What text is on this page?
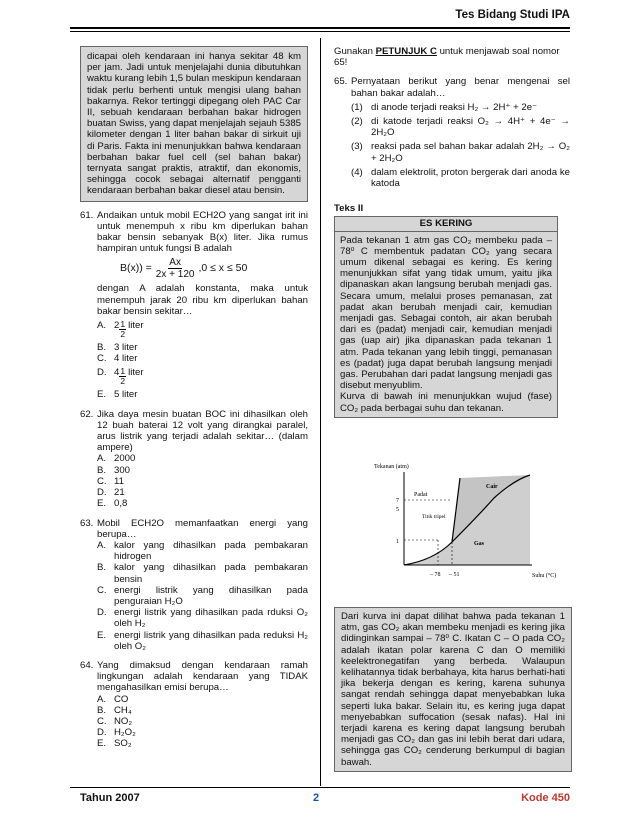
Tes Bidang Studi IPA
dicapai oleh kendaraan ini hanya sekitar 48 km per jam. Jadi untuk menjelajahi dunia dibutuhkan waktu kurang lebih 1,5 bulan meskipun kendaraan tidak perlu berhenti untuk mengisi ulang bahan bakarnya. Rekor tertinggi dipegang oleh PAC Car II, sebuah kendaraan berbahan bakar hidrogen buatan Swiss, yang dapat menjelajah sejauh 5385 kilometer dengan 1 liter bahan bakar di sirkuit uji di Paris. Fakta ini menunjukkan bahwa kendaraan berbahan bakar fuel cell (sel bahan bakar) ternyata sangat praktis, atraktif, dan ekonomis, sehingga cocok sebagai alternatif pengganti kendaraan berbahan bakar diesel atau bensin.
61. Andaikan untuk mobil ECH2O yang sangat irit ini untuk menempuh x ribu km diperlukan bahan bakar bensin sebanyak B(x) liter. Jika rumus hampiran untuk fungsi B adalah
$B(x)) = \frac{Ax}{2x + 120} ,0 \le x \le 50$
dengan A adalah konstanta, maka untuk menempuh jarak 20 ribu km diperlukan bahan bakar bensin sekitar…
A. $2 \frac{1}{2}$ liter
B. 3 liter
C. 4 liter
D. $4 \frac{1}{2}$ liter
E. 5 liter
62. Jika daya mesin buatan BOC ini dihasilkan oleh 12 buah baterai 12 volt yang dirangkai paralel, arus listrik yang terjadi adalah sekitar… (dalam ampere)
A. 2000
B. 300
C. 11
D. 21
E. 0,8
63. Mobil ECH2O memanfaatkan energi yang berupa…
A. kalor yang dihasilkan pada pembakaran hidrogen
B. kalor yang dihasilkan pada pembakaran bensin
C. energi listrik yang dihasilkan pada penguraian H₂O
D. energi listrik yang dihasilkan pada rduksi O₂ oleh H₂
E. energi listrik yang dihasilkan pada reduksi H₂ oleh O₂
64. Yang dimaksud dengan kendaraan ramah lingkungan adalah kendaraan yang TIDAK mengahasilkan emisi berupa…
A. CO
B. CH₄
C. NO₂
D. H₂O₂
E. SO₂
Gunakan PETUNJUK C untuk menjawab soal nomor 65!
65. Pernyataan berikut yang benar mengenai sel bahan bakar adalah…
(1) di anode terjadi reaksi H₂ → 2H⁺ + 2e⁻
(2) di katode terjadi reaksi O₂ → 4H⁺ + 4e⁻ → 2H₂O
(3) reaksi pada sel bahan bakar adalah 2H₂ → O₂ + 2H₂O
(4) dalam elektrolit, proton bergerak dari anoda ke katoda
Teks II
ES KERING
Pada tekanan 1 atm gas CO₂ membeku pada –78⁰ C membentuk padatan CO₂ yang secara umum dikenal sebagai es kering. Es kering menunjukkan sifat yang tidak umum, yaitu jika dipanaskan akan langsung berubah menjadi gas. Secara umum, melalui proses pemanasan, zat padat akan berubah menjadi cair, kemudian menjadi gas. Sebagai contoh, air akan berubah dari es (padat) menjadi cair, kemudian menjadi gas (uap air) jika dipanaskan pada tekanan 1 atm. Pada tekanan yang lebih tinggi, pemanasan es (padat) juga dapat berubah langsung menjadi gas. Perubahan dari padat langsung menjadi gas disebut menyublim.
Kurva di bawah ini menunjukkan wujud (fase) CO₂ pada berbagai suhu dan tekanan.
Tekanan (atm)
Suhu (°C)
1
5
7
– 78 – 51
Padat
Cair
Gas
Titik tripel
Dari kurva ini dapat dilihat bahwa pada tekanan 1 atm, gas CO₂ akan membeku menjadi es kering jika didinginkan sampai – 78⁰ C. Ikatan C – O pada CO₂ adalah ikatan polar karena C dan O memiliki keelektronegatifan yang berbeda. Walaupun kelihatannya tidak berbahaya, kita harus berhati-hati jika bekerja dengan es kering, karena suhunya sangat rendah sehingga dapat menyebabkan luka seperti luka bakar. Selain itu, es kering juga dapat menyebabkan suffocation (sesak nafas). Hal ini terjadi karena es kering dapat langsung berubah menjadi gas CO₂ dan gas ini lebih berat dari udara, sehingga gas CO₂ cenderung berkumpul di bagian bawah.
Tahun 2007	2	Kode 450
